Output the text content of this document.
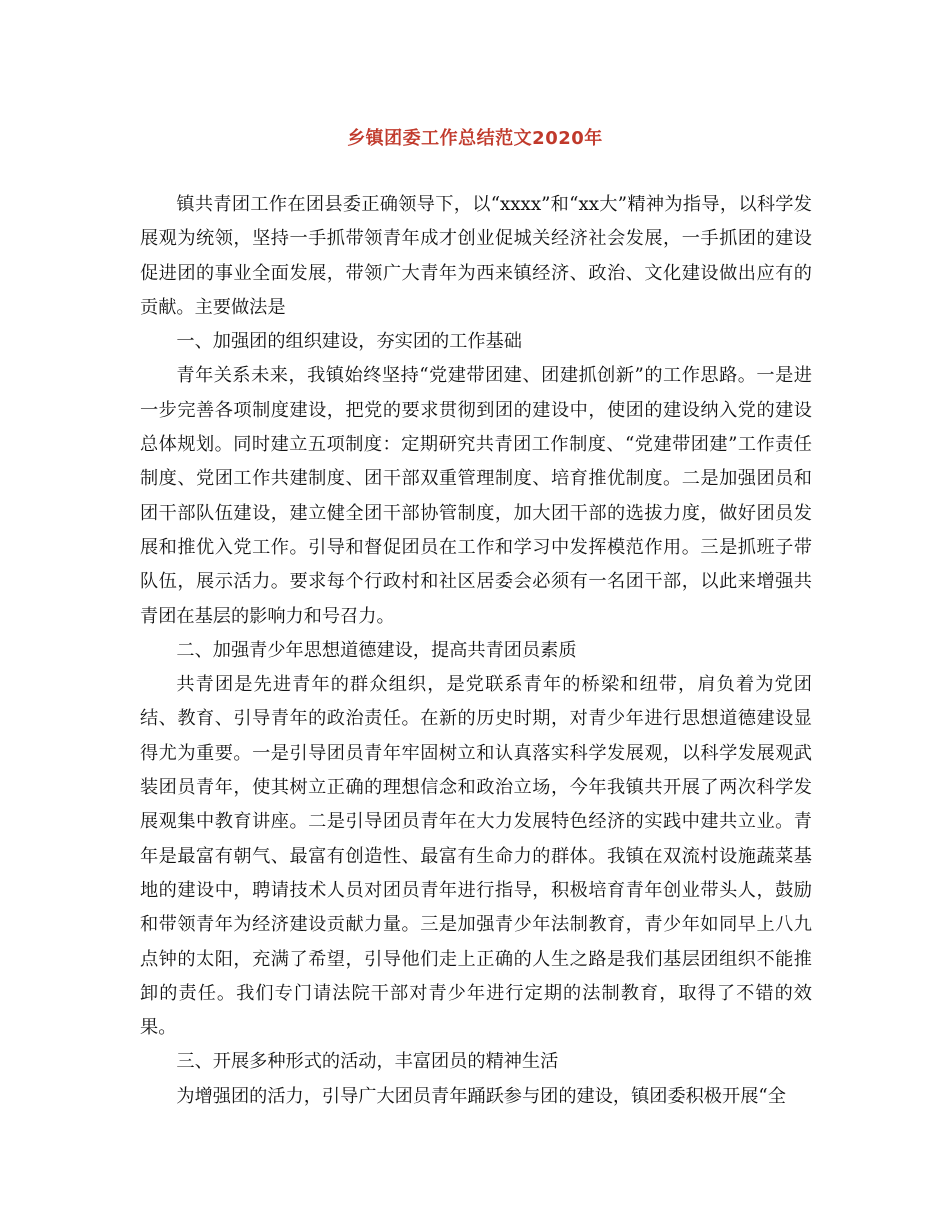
乡镇团委工作总结范文2020年

镇共青团工作在团县委正确领导下，以“xxxx”和“xx大”精神为指导，以科学发展观为统领，坚持一手抓带领青年成才创业促城关经济社会发展，一手抓团的建设促进团的事业全面发展，带领广大青年为西来镇经济、政治、文化建设做出应有的贡献。主要做法是

一、加强团的组织建设，夯实团的工作基础

青年关系未来，我镇始终坚持“党建带团建、团建抓创新”的工作思路。一是进一步完善各项制度建设，把党的要求贯彻到团的建设中，使团的建设纳入党的建设总体规划。同时建立五项制度：定期研究共青团工作制度、“党建带团建”工作责任制度、党团工作共建制度、团干部双重管理制度、培育推优制度。二是加强团员和团干部队伍建设，建立健全团干部协管制度，加大团干部的选拔力度，做好团员发展和推优入党工作。引导和督促团员在工作和学习中发挥模范作用。三是抓班子带队伍，展示活力。要求每个行政村和社区居委会必须有一名团干部，以此来增强共青团在基层的影响力和号召力。

二、加强青少年思想道德建设，提高共青团员素质

共青团是先进青年的群众组织，是党联系青年的桥梁和纽带，肩负着为党团结、教育、引导青年的政治责任。在新的历史时期，对青少年进行思想道德建设显得尤为重要。一是引导团员青年牢固树立和认真落实科学发展观，以科学发展观武装团员青年，使其树立正确的理想信念和政治立场，今年我镇共开展了两次科学发展观集中教育讲座。二是引导团员青年在大力发展特色经济的实践中建共立业。青年是最富有朝气、最富有创造性、最富有生命力的群体。我镇在双流村设施蔬菜基地的建设中，聘请技术人员对团员青年进行指导，积极培育青年创业带头人，鼓励和带领青年为经济建设贡献力量。三是加强青少年法制教育，青少年如同早上八九点钟的太阳，充满了希望，引导他们走上正确的人生之路是我们基层团组织不能推卸的责任。我们专门请法院干部对青少年进行定期的法制教育，取得了不错的效果。

三、开展多种形式的活动，丰富团员的精神生活

为增强团的活力，引导广大团员青年踊跃参与团的建设，镇团委积极开展“全
